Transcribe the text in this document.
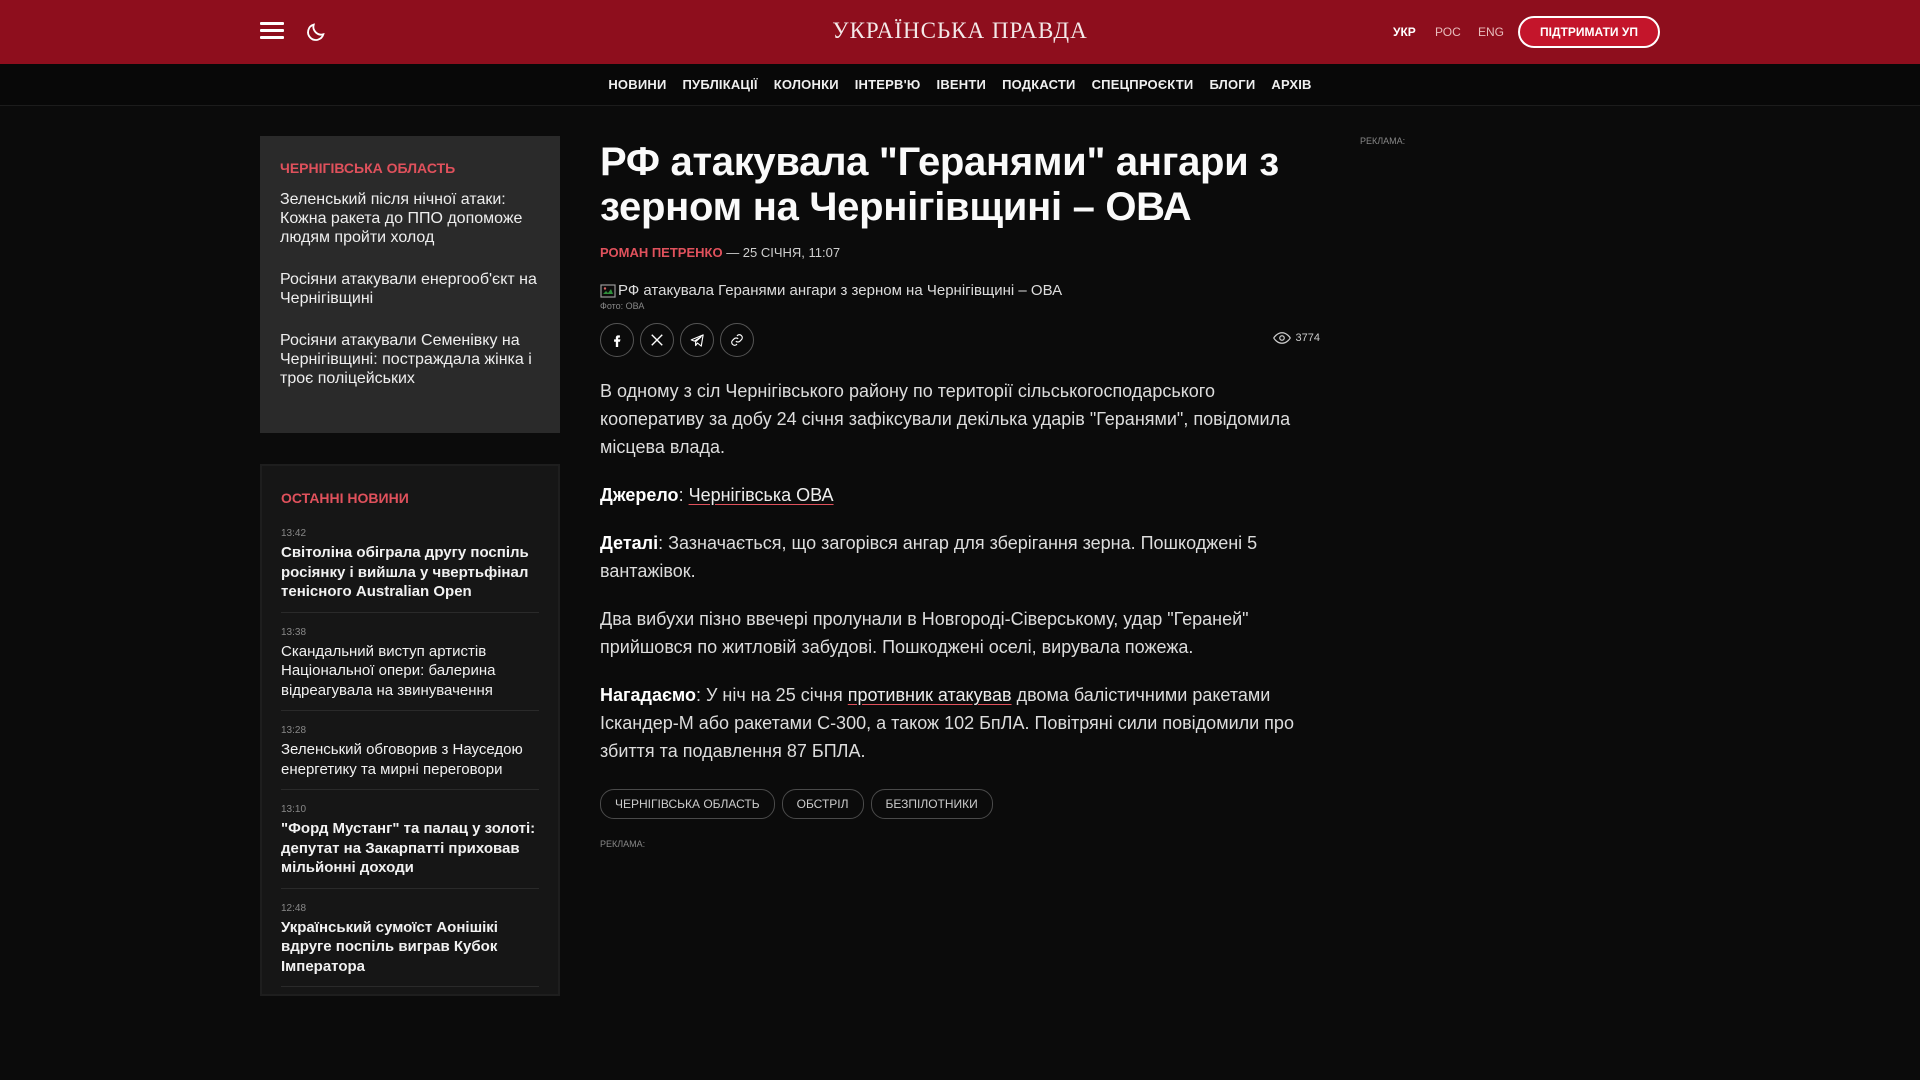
УКРАЇНСЬКА ПРАВДА	УКР РОС ENG	ПІДТРИМАТИ УП
НОВИНИ ПУБЛІКАЦІЇ КОЛОНКИ ІНТЕРВ'Ю ІВЕНТИ ПОДКАСТИ СПЕЦПРОЄКТИ БЛОГИ АРХІВ
ЧЕРНІГІВСЬКА ОБЛАСТЬ
Зеленський після нічної атаки: Кожна ракета до ППО допоможе людям пройти холод
Росіяни атакували енергооб'єкт на Чернігівщині
Росіяни атакували Семенівку на Чернігівщині: постраждала жінка і троє поліцейських
ОСТАННІ НОВИНИ
13:42
Світоліна обіграла другу поспіль росіянку і вийшла у чвертьфінал тенісного Australian Open
13:38
Скандальний виступ артистів Національної опери: балерина відреагувала на звинувачення
13:28
Зеленський обговорив з Науседою енергетику та мирні переговори
13:10
"Форд Мустанг" та палац у золоті: депутат на Закарпатті приховав мільйонні доходи
12:48
Український сумоїст Аонішікі вдруге поспіль виграв Кубок Імператора
РФ атакувала "Геранями" ангари з зерном на Чернігівщині – ОВА
РОМАН ПЕТРЕНКО — 25 СІЧНЯ, 11:07
РФ атакувала Геранями ангари з зерном на Чернігівщині – ОВА
Фото: ОВА
3774

В одному з сіл Чернігівського району по території сільськогосподарського кооперативу за добу 24 січня зафіксували декілька ударів "Геранями", повідомила місцева влада.

Джерело: Чернігівська ОВА

Деталі: Зазначається, що загорівся ангар для зберігання зерна. Пошкоджені 5 вантажівок.

Два вибухи пізно ввечері пролунали в Новгороді-Сіверському, удар "Гераней" прийшовся по житловій забудові. Пошкоджені оселі, вирувала пожежа.

Нагадаємо: У ніч на 25 січня противник атакував двома балістичними ракетами Іскандер-М або ракетами С-300, а також 102 БпЛА. Повітряні сили повідомили про збиття та подавлення 87 БПЛА.

ЧЕРНІГІВСЬКА ОБЛАСТЬ	ОБСТРІЛ	БЕЗПІЛОТНИКИ
РЕКЛАМА:
РЕКЛАМА:
